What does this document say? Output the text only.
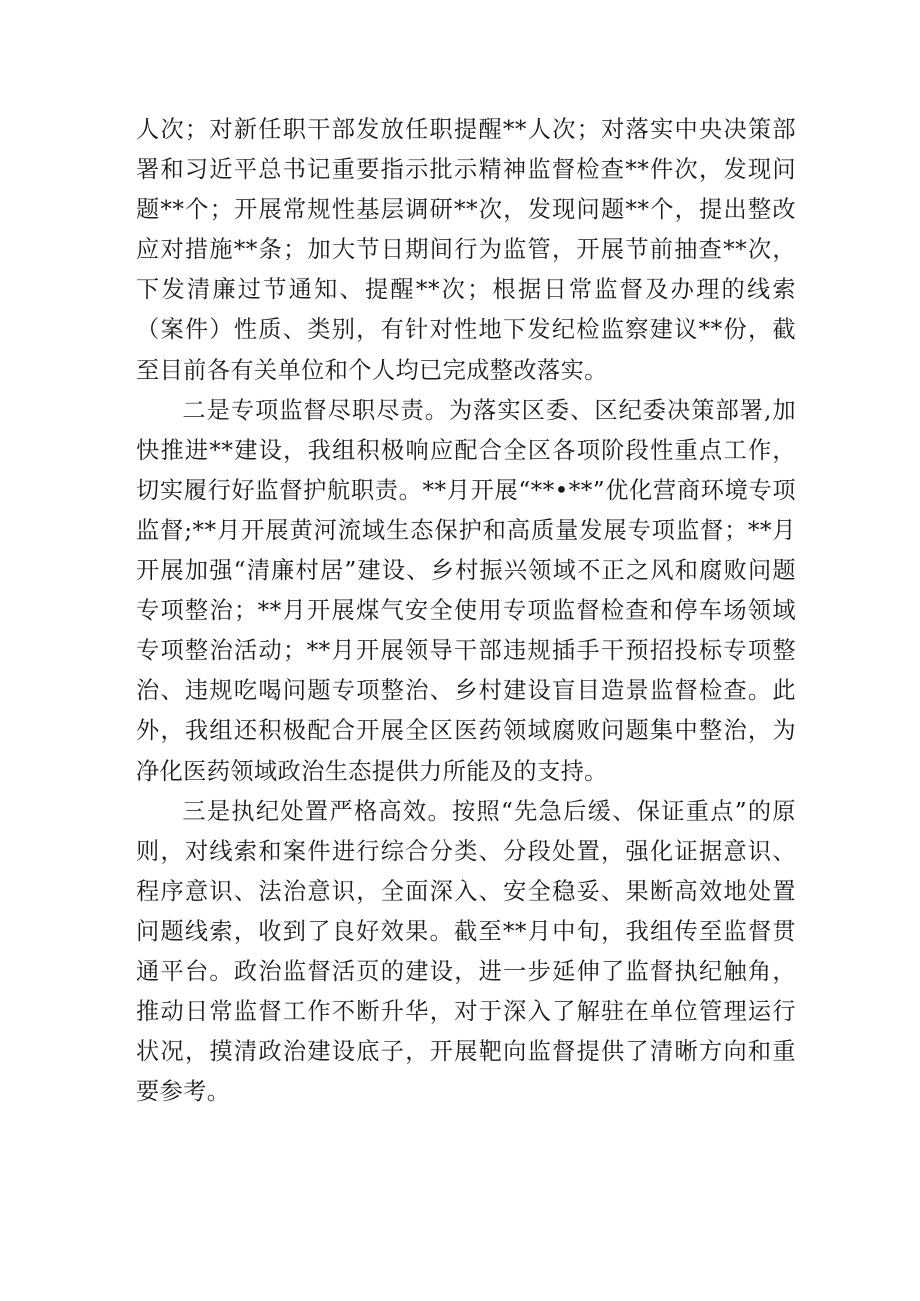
人次；对新任职干部发放任职提醒**人次；对落实中央决策部署和习近平总书记重要指示批示精神监督检查**件次，发现问题**个；开展常规性基层调研**次，发现问题**个，提出整改应对措施**条；加大节日期间行为监管，开展节前抽查**次，下发清廉过节通知、提醒**次；根据日常监督及办理的线索（案件）性质、类别，有针对性地下发纪检监察建议**份，截至目前各有关单位和个人均已完成整改落实。

二是专项监督尽职尽责。为落实区委、区纪委决策部署,加快推进**建设，我组积极响应配合全区各项阶段性重点工作，切实履行好监督护航职责。**月开展“**•**”优化营商环境专项监督;**月开展黄河流域生态保护和高质量发展专项监督；**月开展加强“清廉村居”建设、乡村振兴领域不正之风和腐败问题专项整治；**月开展煤气安全使用专项监督检查和停车场领域专项整治活动；**月开展领导干部违规插手干预招投标专项整治、违规吃喝问题专项整治、乡村建设盲目造景监督检查。此外，我组还积极配合开展全区医药领域腐败问题集中整治，为净化医药领域政治生态提供力所能及的支持。

三是执纪处置严格高效。按照“先急后缓、保证重点”的原则，对线索和案件进行综合分类、分段处置，强化证据意识、程序意识、法治意识，全面深入、安全稳妥、果断高效地处置问题线索，收到了良好效果。截至**月中旬，我组传至监督贯通平台。政治监督活页的建设，进一步延伸了监督执纪触角，推动日常监督工作不断升华，对于深入了解驻在单位管理运行状况，摸清政治建设底子，开展靶向监督提供了清晰方向和重要参考。
